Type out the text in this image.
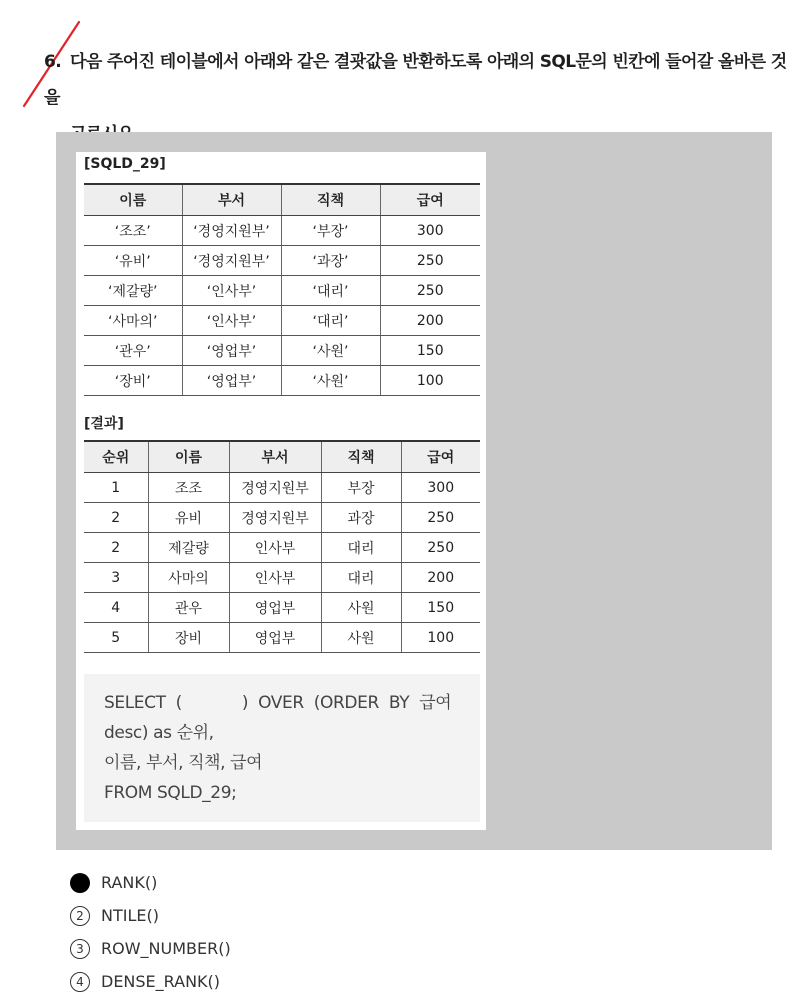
6. 다음 주어진 테이블에서 아래와 같은 결괏값을 반환하도록 아래의 SQL문의 빈칸에 들어갈 올바른 것을
[SQLD_29]
이름	부서	직책	급여
‘조조’	‘경영지원부’	‘부장’	300
‘유비’	‘경영지원부’	‘과장’	250
‘제갈량’	‘인사부’	‘대리’	250
‘사마의’	‘인사부’	‘대리’	200
‘관우’	‘영업부’	‘사원’	150
‘장비’	‘영업부’	‘사원’	100
[결과]
순위	이름	부서	직책	급여
1	조조	경영지원부	부장	300
2	유비	경영지원부	과장	250
2	제갈량	인사부	대리	250
3	사마의	인사부	대리	200
4	관우	영업부	사원	150
5	장비	영업부	사원	100
SELECT  (            )  OVER  (ORDER  BY  급여
desc) as 순위,
이름, 부서, 직책, 급여
FROM SQLD_29;
RANK()
2	NTILE()
3	ROW_NUMBER()
4	DENSE_RANK()
